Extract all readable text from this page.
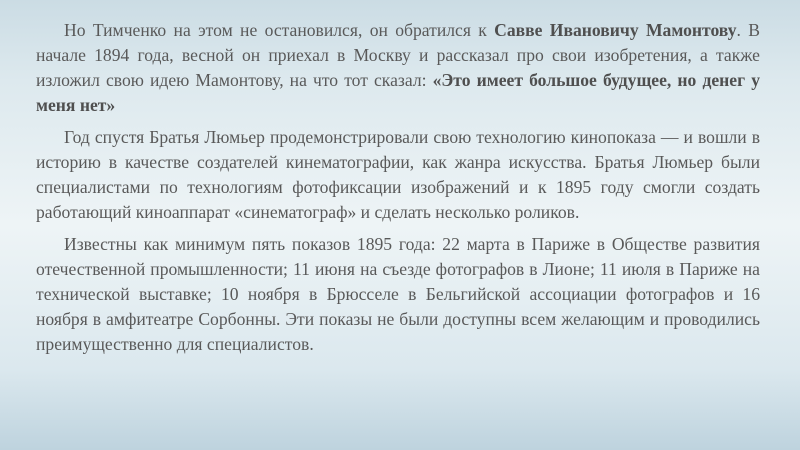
Но Тимченко на этом не остановился, он обратился к Савве Ивановичу Мамонтову. В начале 1894 года, весной он приехал в Москву и рассказал про свои изобретения, а также изложил свою идею Мамонтову, на что тот сказал: «Это имеет большое будущее, но денег у меня нет»

Год спустя Братья Люмьер продемонстрировали свою технологию кинопоказа — и вошли в историю в качестве создателей кинематографии, как жанра искусства. Братья Люмьер были специалистами по технологиям фотофиксации изображений и к 1895 году смогли создать работающий киноаппарат «синематограф» и сделать несколько роликов.

Известны как минимум пять показов 1895 года: 22 марта в Париже в Обществе развития отечественной промышленности; 11 июня на съезде фотографов в Лионе; 11 июля в Париже на технической выставке; 10 ноября в Брюсселе в Бельгийской ассоциации фотографов и 16 ноября в амфитеатре Сорбонны. Эти показы не были доступны всем желающим и проводились преимущественно для специалистов.
